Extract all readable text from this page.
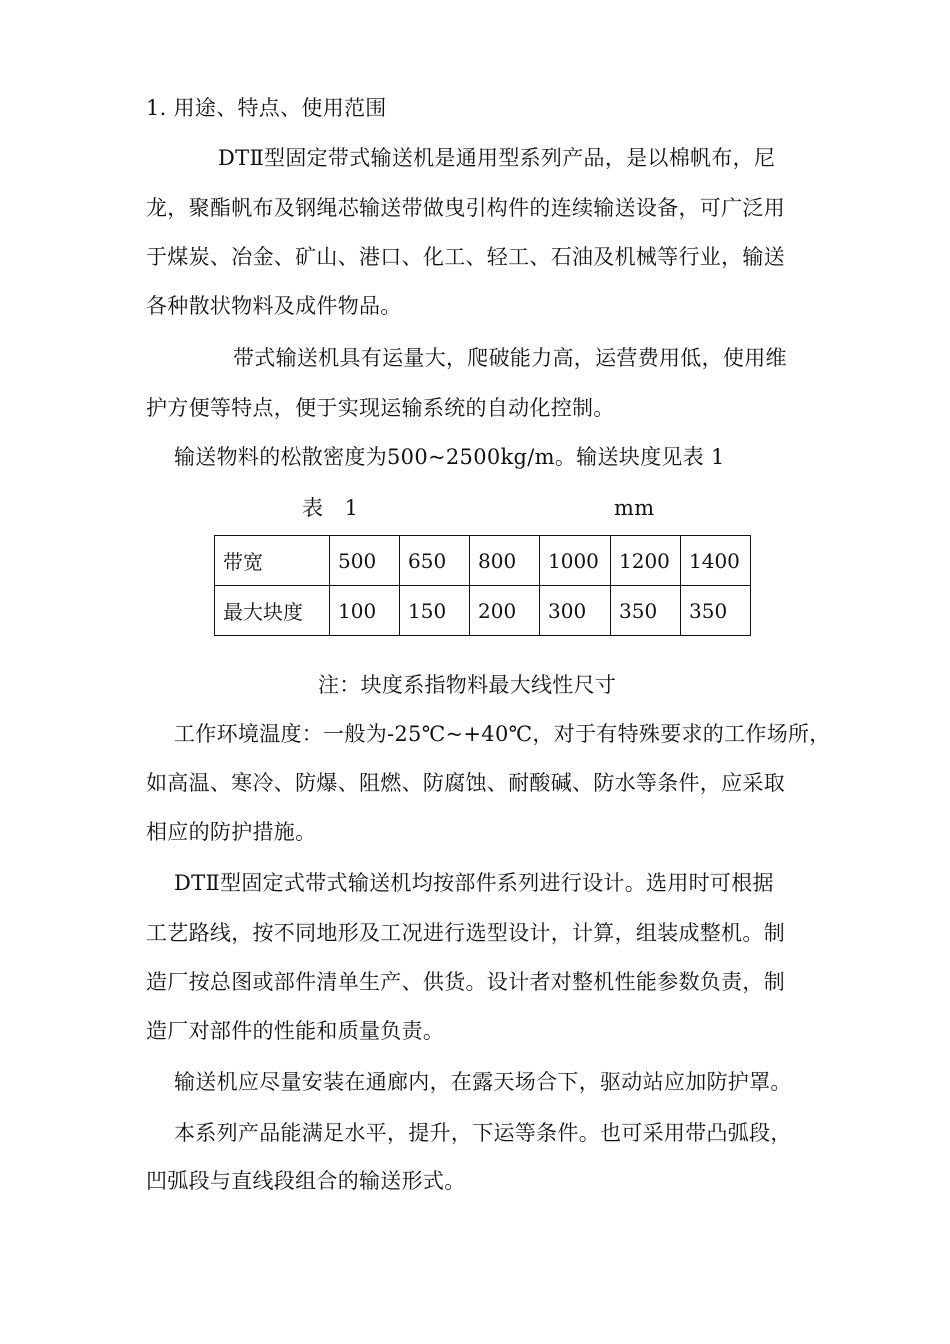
1. 用途、特点、使用范围
DTⅡ型固定带式输送机是通用型系列产品，是以棉帆布，尼
龙，聚酯帆布及钢绳芯输送带做曳引构件的连续输送设备，可广泛用
于煤炭、冶金、矿山、港口、化工、轻工、石油及机械等行业，输送
各种散状物料及成件物品。
带式输送机具有运量大，爬破能力高，运营费用低，使用维
护方便等特点，便于实现运输系统的自动化控制。
输送物料的松散密度为500~2500kg/m。输送块度见表 1
表　1	mm
带宽	500	650	800	1000	1200	1400
最大块度	100	150	200	300	350	350
注：块度系指物料最大线性尺寸
工作环境温度：一般为-25℃~+40℃，对于有特殊要求的工作场所，
如高温、寒冷、防爆、阻燃、防腐蚀、耐酸碱、防水等条件，应采取
相应的防护措施。
DTⅡ型固定式带式输送机均按部件系列进行设计。选用时可根据
工艺路线，按不同地形及工况进行选型设计，计算，组装成整机。制
造厂按总图或部件清单生产、供货。设计者对整机性能参数负责，制
造厂对部件的性能和质量负责。
输送机应尽量安装在通廊内，在露天场合下，驱动站应加防护罩。
本系列产品能满足水平，提升，下运等条件。也可采用带凸弧段，
凹弧段与直线段组合的输送形式。
